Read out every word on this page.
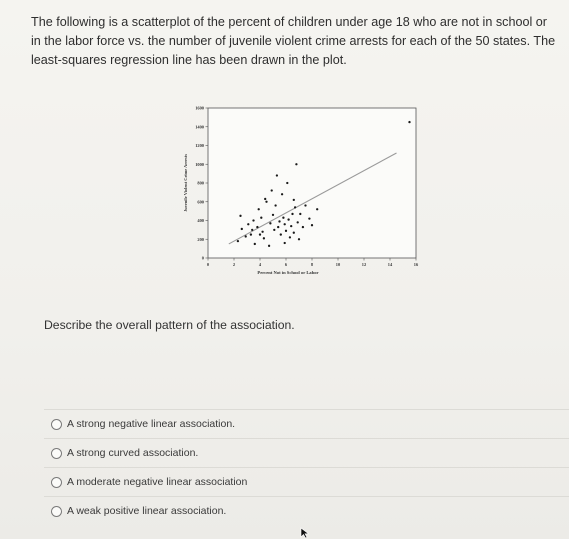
The following is a scatterplot of the percent of children under age 18 who are not in school or in the labor force vs. the number of juvenile violent crime arrests for each of the 50 states. The least-squares regression line has been drawn in the plot.
Juvenile Violent Crime Arrests
0
200
400
600
800
1000
1200
1400
1600
0	2	4	6	8	10	12	14	16
Percent Not in School or Labor
Describe the overall pattern of the association.
A strong negative linear association.
A strong curved association.
A moderate negative linear association
A weak positive linear association.
